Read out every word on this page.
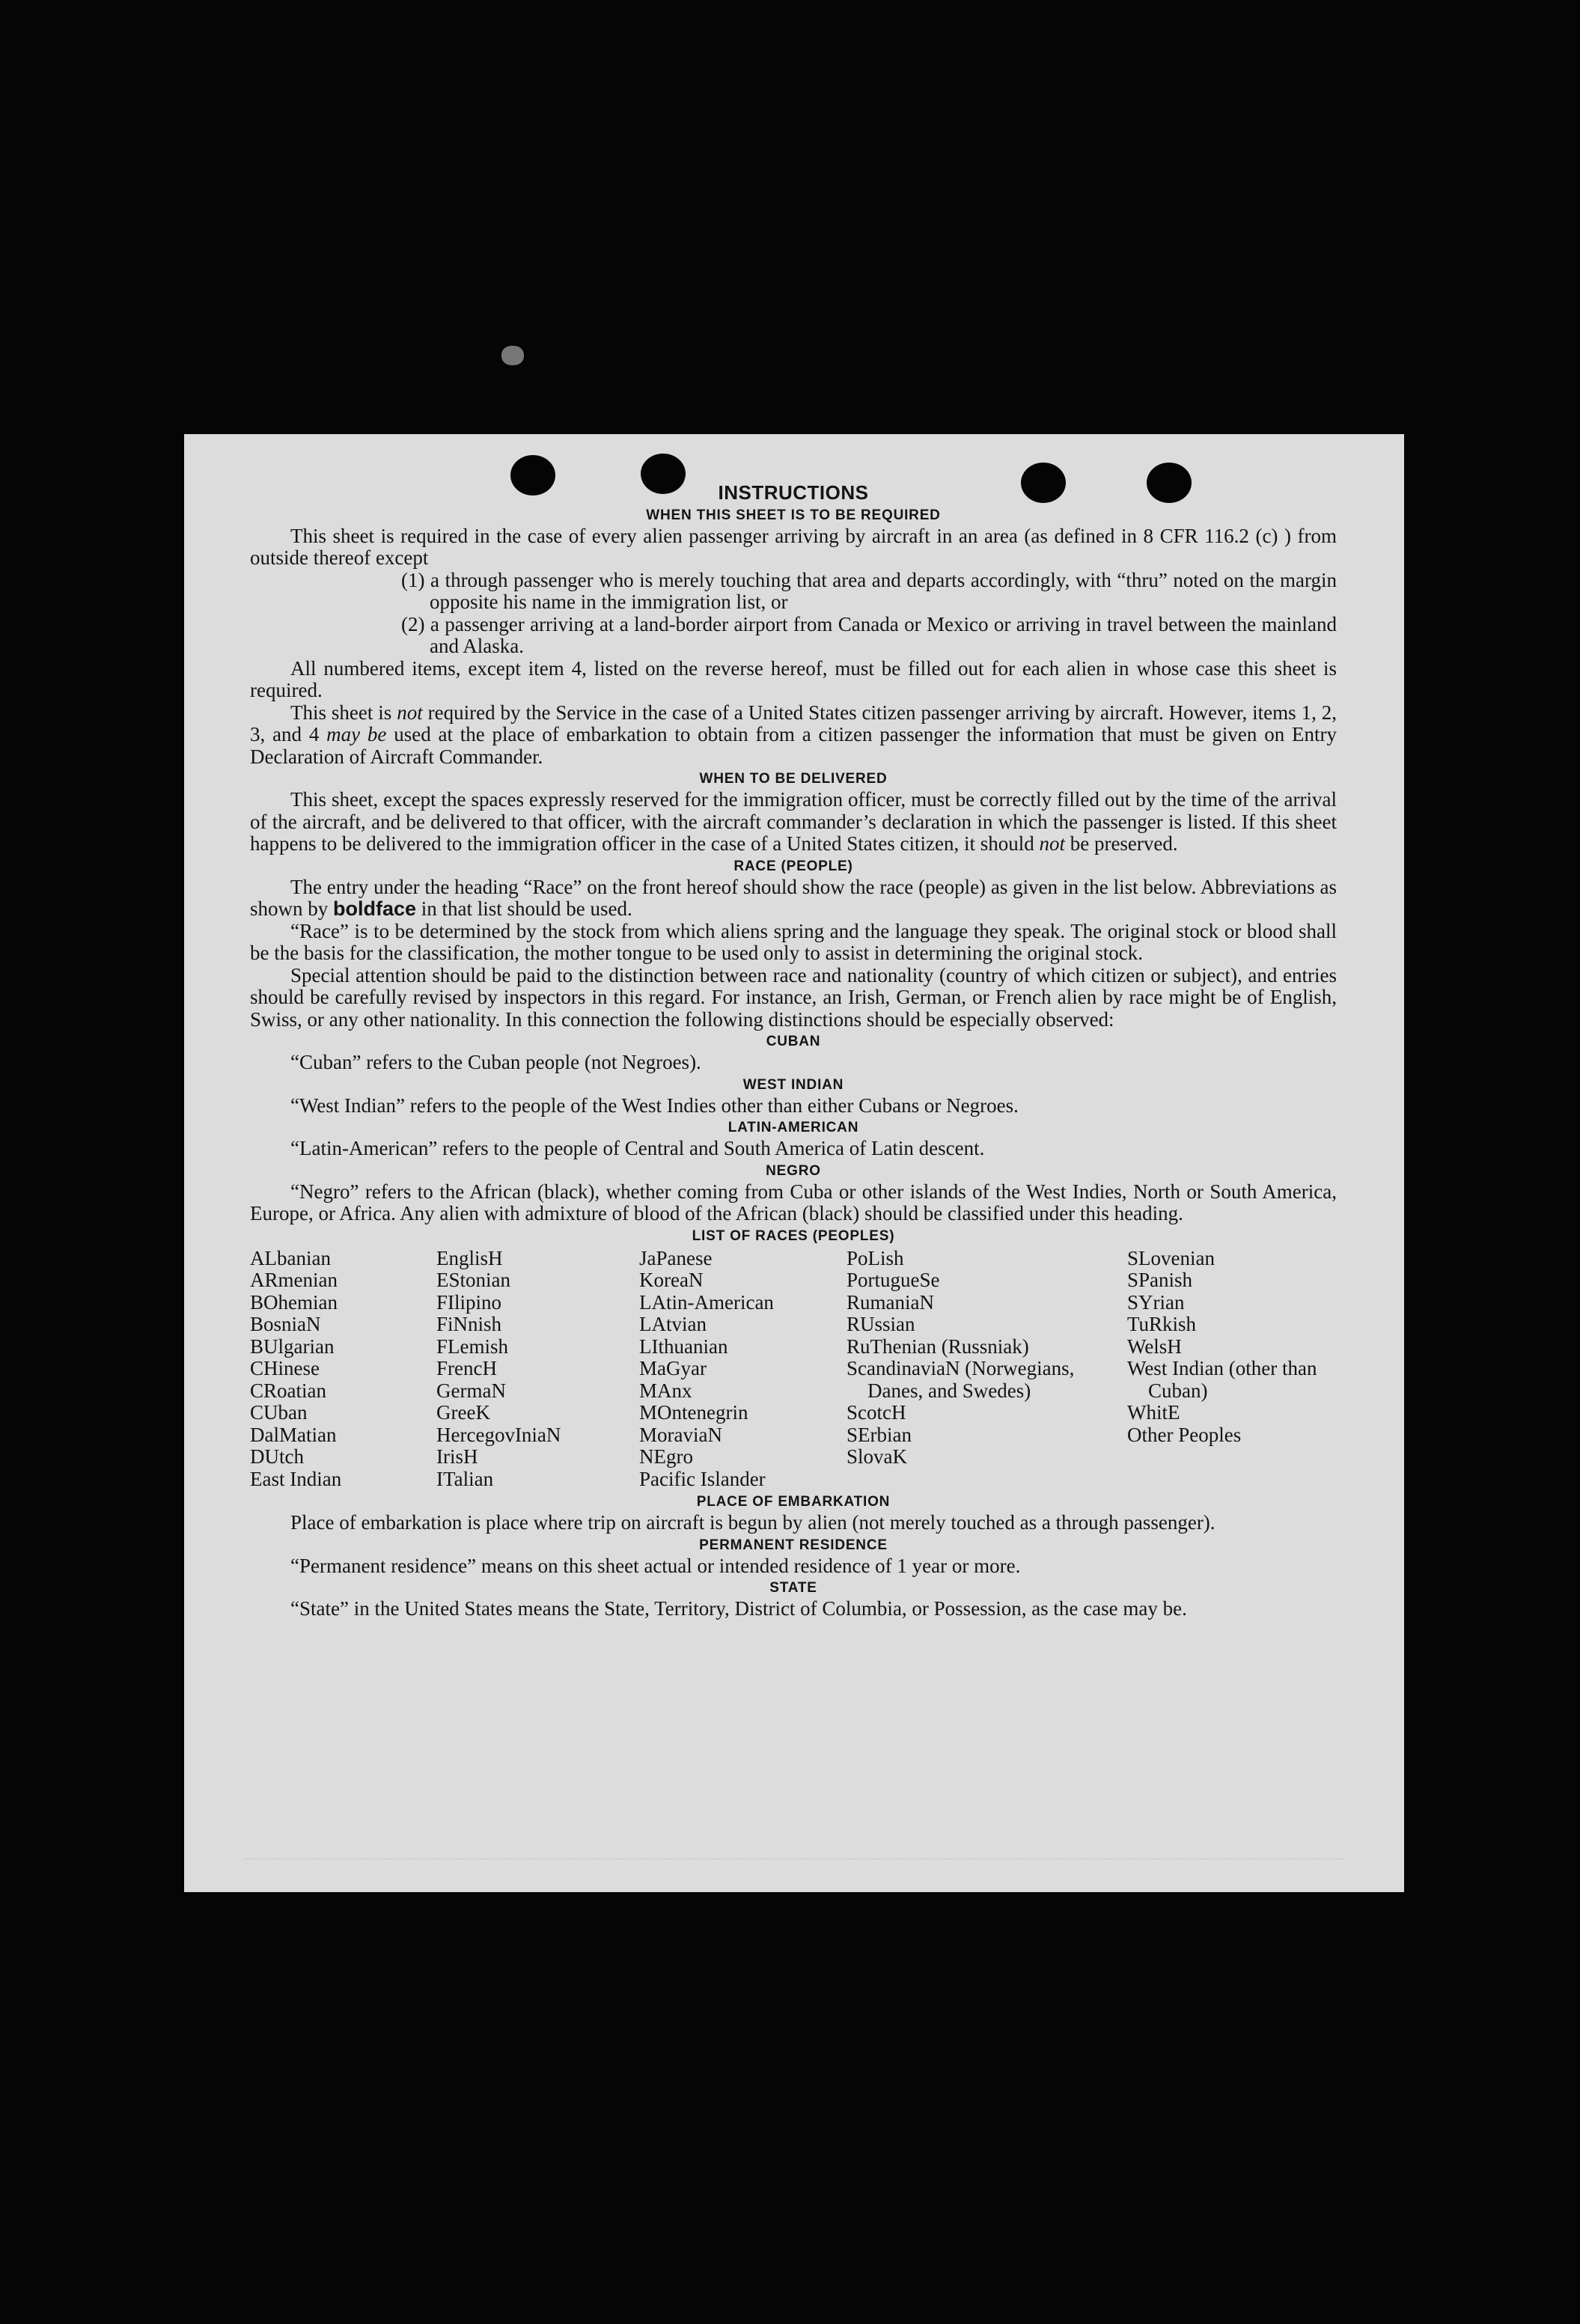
INSTRUCTIONS
WHEN THIS SHEET IS TO BE REQUIRED

This sheet is required in the case of every alien passenger arriving by aircraft in an area (as defined in 8 CFR 116.2 (c) ) from outside thereof except

(1) a through passenger who is merely touching that area and departs accordingly, with “thru” noted on the margin opposite his name in the immigration list, or

(2) a passenger arriving at a land-border airport from Canada or Mexico or arriving in travel between the mainland and Alaska.

All numbered items, except item 4, listed on the reverse hereof, must be filled out for each alien in whose case this sheet is required.

This sheet is not required by the Service in the case of a United States citizen passenger arriving by aircraft. However, items 1, 2, 3, and 4 may be used at the place of embarkation to obtain from a citizen passenger the information that must be given on Entry Declaration of Aircraft Commander.

WHEN TO BE DELIVERED

This sheet, except the spaces expressly reserved for the immigration officer, must be correctly filled out by the time of the arrival of the aircraft, and be delivered to that officer, with the aircraft commander’s declaration in which the passenger is listed. If this sheet happens to be delivered to the immigration officer in the case of a United States citizen, it should not be preserved.

RACE (PEOPLE)

The entry under the heading “Race” on the front hereof should show the race (people) as given in the list below. Abbreviations as shown by boldface in that list should be used.

“Race” is to be determined by the stock from which aliens spring and the language they speak. The original stock or blood shall be the basis for the classification, the mother tongue to be used only to assist in determining the original stock.

Special attention should be paid to the distinction between race and nationality (country of which citizen or subject), and entries should be carefully revised by inspectors in this regard. For instance, an Irish, German, or French alien by race might be of English, Swiss, or any other nationality. In this connection the following distinctions should be especially observed:

CUBAN

“Cuban” refers to the Cuban people (not Negroes).

WEST INDIAN

“West Indian” refers to the people of the West Indies other than either Cubans or Negroes.

LATIN-AMERICAN

“Latin-American” refers to the people of Central and South America of Latin descent.

NEGRO

“Negro” refers to the African (black), whether coming from Cuba or other islands of the West Indies, North or South America, Europe, or Africa. Any alien with admixture of blood of the African (black) should be classified under this heading.

LIST OF RACES (PEOPLES)
ALbanian
ARmenian
BOhemian
BosniaN
BUlgarian
CHinese
CRoatian
CUban
DalMatian
DUtch
East Indian
EnglisH
EStonian
FIlipino
FiNnish
FLemish
FrencH
GermaN
GreeK
HercegovIniaN
IrisH
ITalian
JaPanese
KoreaN
LAtin-American
LAtvian
LIthuanian
MaGyar
MAnx
MOntenegrin
MoraviaN
NEgro
Pacific Islander
PoLish
PortugueSe
RumaniaN
RUssian
RuThenian (Russniak)
ScandinaviaN (Norwegians, Danes, and Swedes)
ScotcH
SErbian
SlovaK
SLovenian
SPanish
SYrian
TuRkish
WelsH
West Indian (other than Cuban)
WhitE
Other Peoples
PLACE OF EMBARKATION

Place of embarkation is place where trip on aircraft is begun by alien (not merely touched as a through passenger).

PERMANENT RESIDENCE

“Permanent residence” means on this sheet actual or intended residence of 1 year or more.

STATE

“State” in the United States means the State, Territory, District of Columbia, or Possession, as the case may be.
